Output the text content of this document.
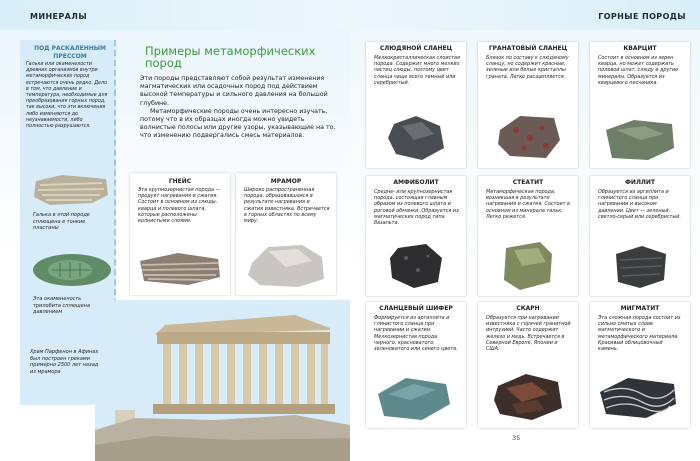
МИНЕРАЛЫ	ГОРНЫЕ ПОРОДЫ
ПОД РАСКАЛЕННЫМ
ПРЕССОМ
Гальки или окаменелости древних организмов внутри метаморфических пород встречаются очень редко. Дело в том, что давление и температура, необходимые для преобразования горных пород, так высоки, что эти включения либо изменяются до неузнаваемости, либо полностью разрушаются.
Галька в этой породе сплющена в тонкие пластины
Эта окаменелость трилобита сплющена давлением
Примеры метаморфических пород
Эти породы представляют собой результат изменения магматических или осадочных пород под действием высокой температуры и сильного давления на большой глубине.
Метаморфические породы очень интересно изучать, потому что в их образцах иногда можно увидеть волнистые полосы или другие узоры, указывающие на то, что изменению подвергались смесь материалов.
ГНЕЙС
Эта крупнозернистая порода — продукт нагревания и сжатия. Состоит в основном из слюды, кварца и полевого шпата, которые расположены волнистыми слоями.
МРАМОР
Широко распространенная порода, образовавшаяся в результате нагревания и сжатия известняка. Встречается в горных областях по всему миру.
Храм Парфенон в Афинах был построен греками примерно 2500 лет назад из мрамора
СЛЮДЯНОЙ СЛАНЕЦ
Мелкокристаллическая слоистая порода. Содержит много мелких частиц слюды, поэтому цвет сланца чаще всего темный или серебристый.
ГРАНАТОВЫЙ СЛАНЕЦ
Близок по составу к слюдяному сланцу, но содержит красные, зеленые или белые кристаллы граната. Легко расщепляется.
КВАРЦИТ
Состоит в основном из зерен кварца, но может содержать полевой шпат, слюду и другие минералы. Образуется из кварцевого песчаника.
АМФИБОЛИТ
Средне- или крупнозернистая порода, состоящая главным образом из полевого шпата и роговой обманки. Образуется из магматических пород типа базальта.
СТЕАТИТ
Метаморфическая порода, возникшая в результате нагревания и сжатия. Состоит в основном из минерала тальк. Легко режется.
ФИЛЛИТ
Образуется из аргиллита и глинистого сланца при нагревании и высоком давлении. Цвет — зеленый, светло-серый или серебристый.
СЛАНЦЕВЫЙ ШИФЕР
Формируется из аргиллита и глинистого сланца при нагревании и сжатии. Мелкозернистая порода черного, красноватого, зеленоватого или синего цвета.
СКАРН
Образуется при нагревании известняка с горячей гранитной интрузией. Часто содержит железо и медь. Встречается в Северной Европе, Японии и США.
МИГМАТИТ
Эта сложная порода состоит из сильно смятых слоев магматического и метаморфического материала. Красивый облицовочный камень.
35
